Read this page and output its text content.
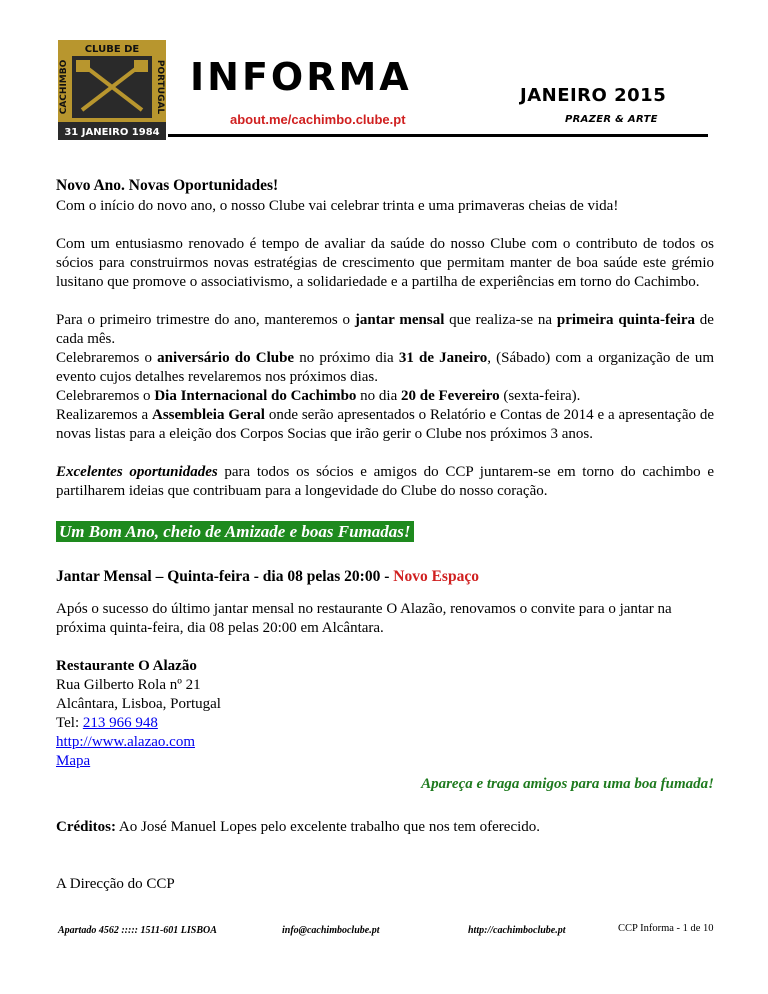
CLUBE DE
CACHIMBO	PORTUGAL
31 JANEIRO 1984
INFORMA	JANEIRO 2015
about.me/cachimbo.clube.pt	PRAZER & ARTE

Novo Ano. Novas Oportunidades!

Com o início do novo ano, o nosso Clube vai celebrar trinta e uma primaveras cheias de vida!

Com um entusiasmo renovado é tempo de avaliar da saúde do nosso Clube com o contributo de todos os sócios para construirmos novas estratégias de crescimento que permitam manter de boa saúde este grémio lusitano que promove o associativismo, a solidariedade e a partilha de experiências em torno do Cachimbo.

Para o primeiro trimestre do ano, manteremos o jantar mensal que realiza-se na primeira quinta-feira de cada mês.
Celebraremos o aniversário do Clube no próximo dia 31 de Janeiro, (Sábado) com a organização de um evento cujos detalhes revelaremos nos próximos dias.
Celebraremos o Dia Internacional do Cachimbo no dia 20 de Fevereiro (sexta-feira).
Realizaremos a Assembleia Geral onde serão apresentados o Relatório e Contas de 2014 e a apresentação de novas listas para a eleição dos Corpos Socias que irão gerir o Clube nos próximos 3 anos.

Excelentes oportunidades para todos os sócios e amigos do CCP juntarem-se em torno do cachimbo e partilharem ideias que contribuam para a longevidade do Clube do nosso coração.

Um Bom Ano, cheio de Amizade e boas Fumadas!

Jantar Mensal – Quinta-feira - dia 08 pelas 20:00 - Novo Espaço

Após o sucesso do último jantar mensal no restaurante O Alazão, renovamos o convite para o jantar na próxima quinta-feira, dia 08 pelas 20:00 em Alcântara.

Restaurante O Alazão
Rua Gilberto Rola nº 21
Alcântara, Lisboa, Portugal
Tel: 213 966 948
http://www.alazao.com
Mapa

Apareça e traga amigos para uma boa fumada!

Créditos: Ao José Manuel Lopes pelo excelente trabalho que nos tem oferecido.

A Direcção do CCP

Apartado 4562 ::::: 1511-601 LISBOA	info@cachimboclube.pt	http://cachimboclube.pt	CCP Informa - 1 de 10
